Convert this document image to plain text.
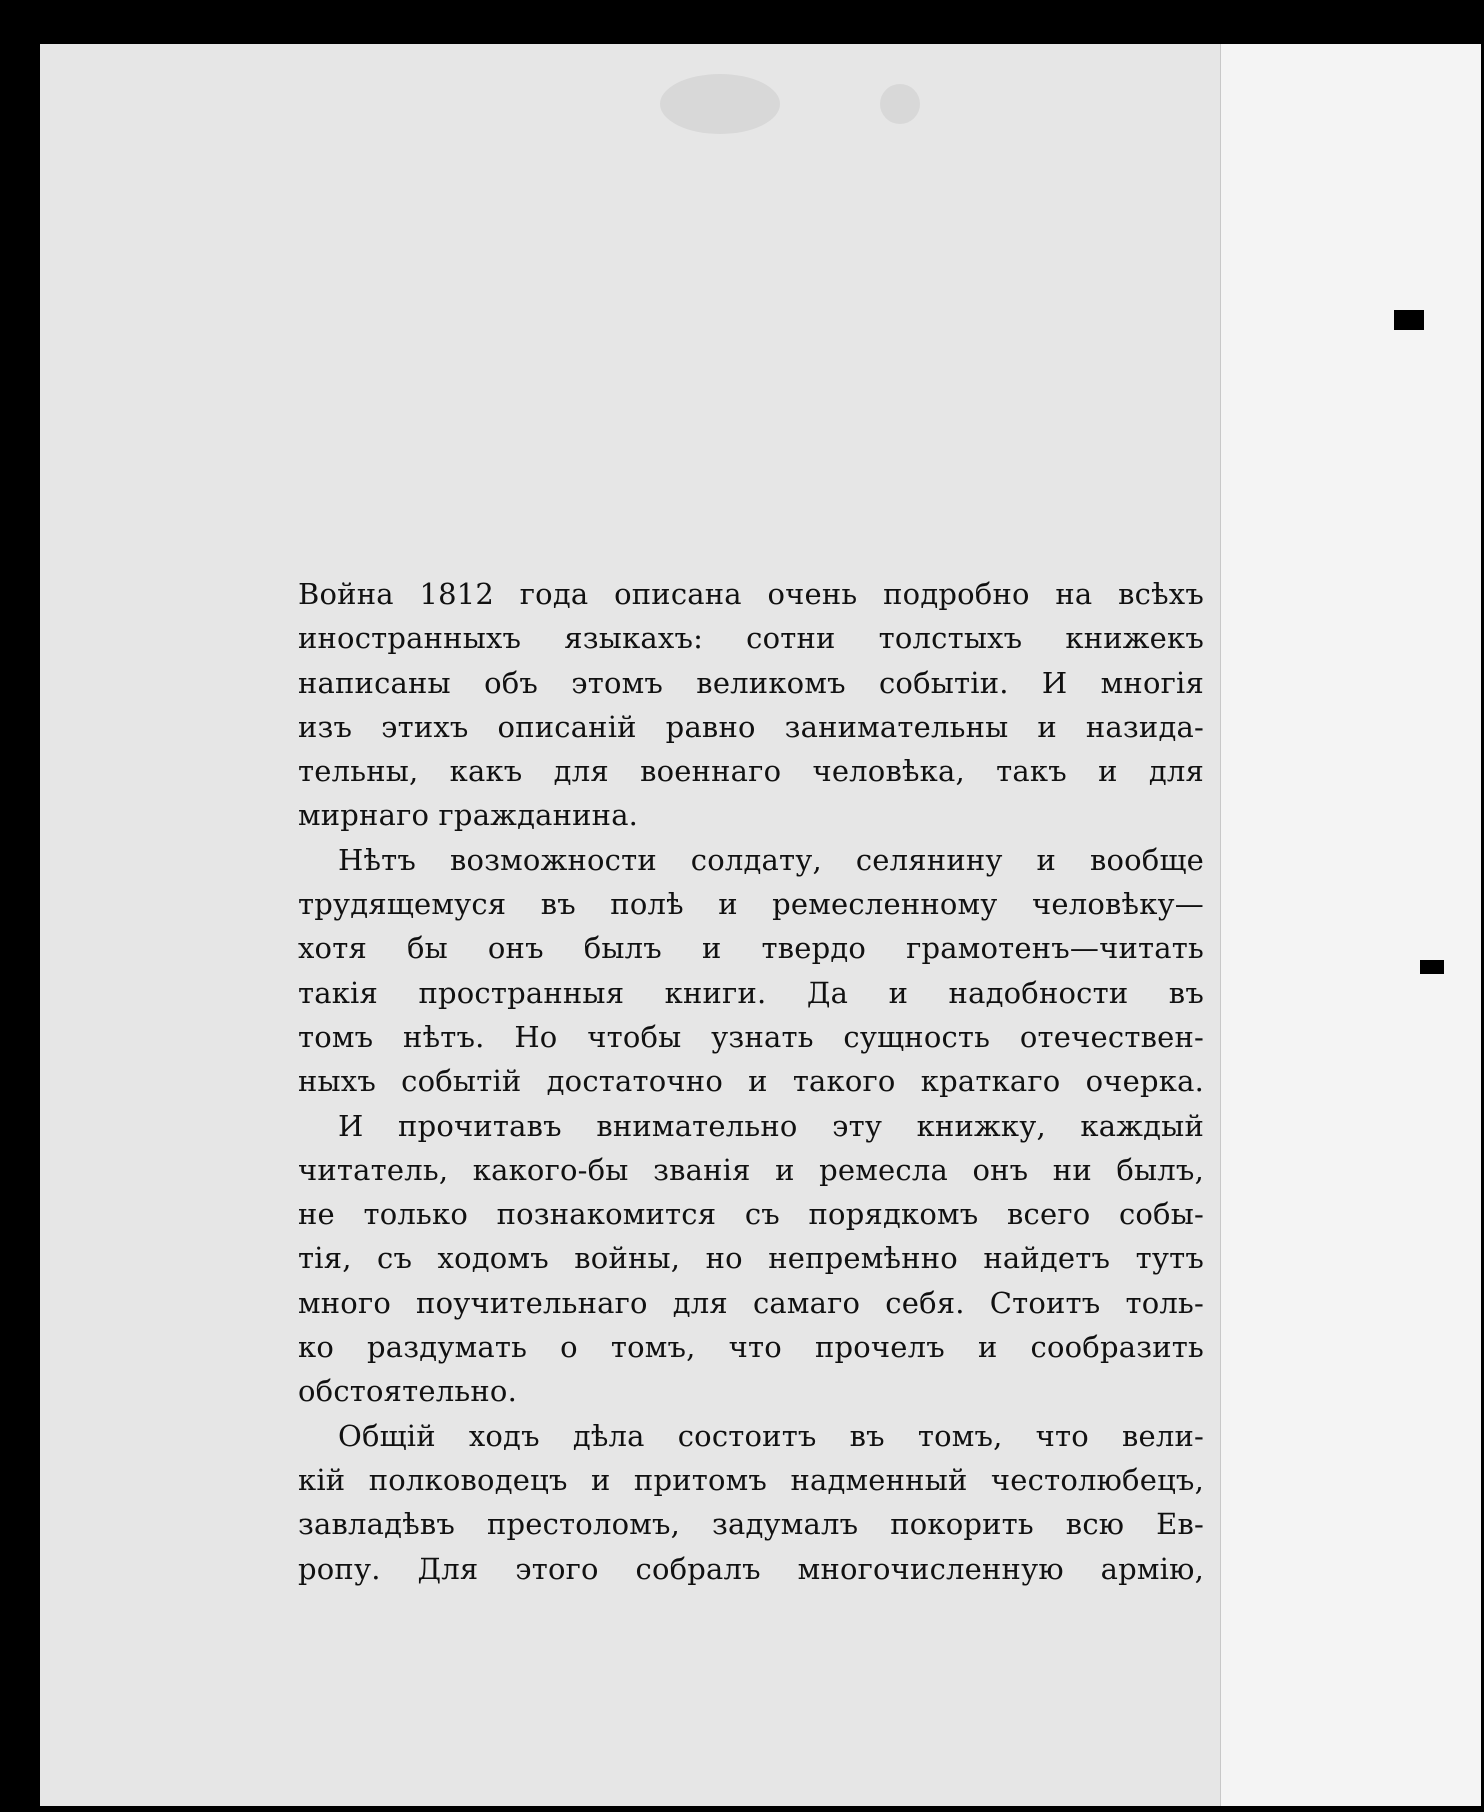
Война 1812 года описана очень подробно на всѣхъ
иностранныхъ языкахъ: сотни толстыхъ книжекъ
написаны объ этомъ великомъ событіи. И многія
изъ этихъ описаній равно занимательны и назида-
тельны, какъ для военнаго человѣка, такъ и для
мирнаго гражданина.

Нѣтъ возможности солдату, селянину и вообще
трудящемуся въ полѣ и ремесленному человѣку—
хотя бы онъ былъ и твердо грамотенъ—читать
такія пространныя книги. Да и надобности въ
томъ нѣтъ. Но чтобы узнать сущность отечествен-
ныхъ событій достаточно и такого краткаго очерка.

И прочитавъ внимательно эту книжку, каждый
читатель, какого-бы званія и ремесла онъ ни былъ,
не только познакомится съ порядкомъ всего собы-
тія, съ ходомъ войны, но непремѣнно найдетъ тутъ
много поучительнаго для самаго себя. Стоитъ толь-
ко раздумать о томъ, что прочелъ и сообразить
обстоятельно.

Общій ходъ дѣла состоитъ въ томъ, что вели-
кій полководецъ и притомъ надменный честолюбецъ,
завладѣвъ престоломъ, задумалъ покорить всю Ев-
ропу. Для этого собралъ многочисленную армію,
